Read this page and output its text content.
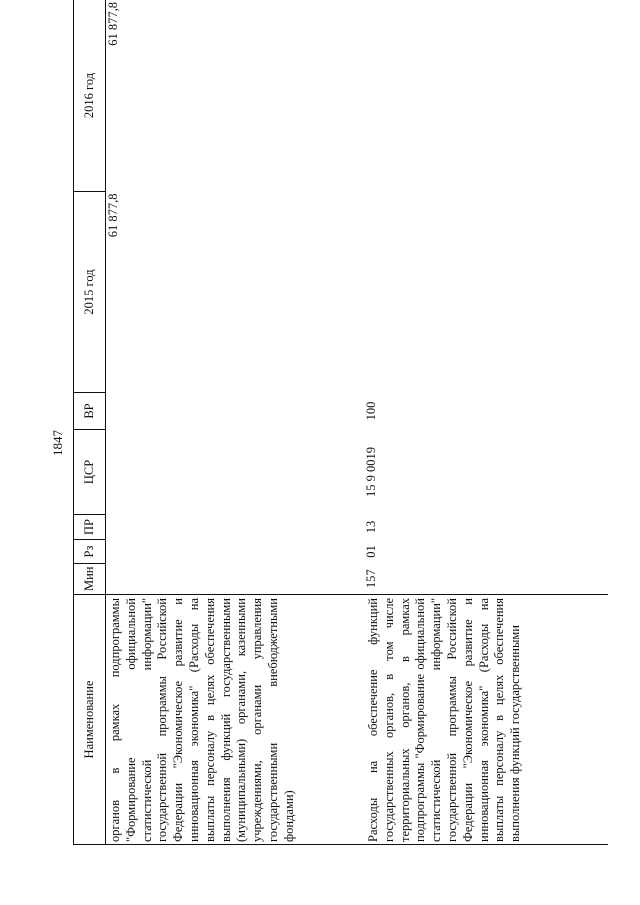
1847
Наименование	Мин	Рз	ПР	ЦСР	ВР	2015 год	2016 год
органов в рамках подпрограммы "Формирование официальной статистической информации" государственной программы Российской Федерации "Экономическое развитие и инновационная экономика" (Расходы на выплаты персоналу в целях обеспечения выполнения функций государственными (муниципальными) органами, казенными учреждениями, органами управления государственными внебюджетными фондами)						61 877,8	61 877,8
Расходы на обеспечение функций государственных органов, в том числе территориальных органов, в рамках подпрограммы "Формирование официальной статистической информации" государственной программы Российской Федерации "Экономическое развитие и инновационная экономика" (Расходы на выплаты персоналу в целях обеспечения выполнения функций государственными	157	01	13	15 9 0019	100		
